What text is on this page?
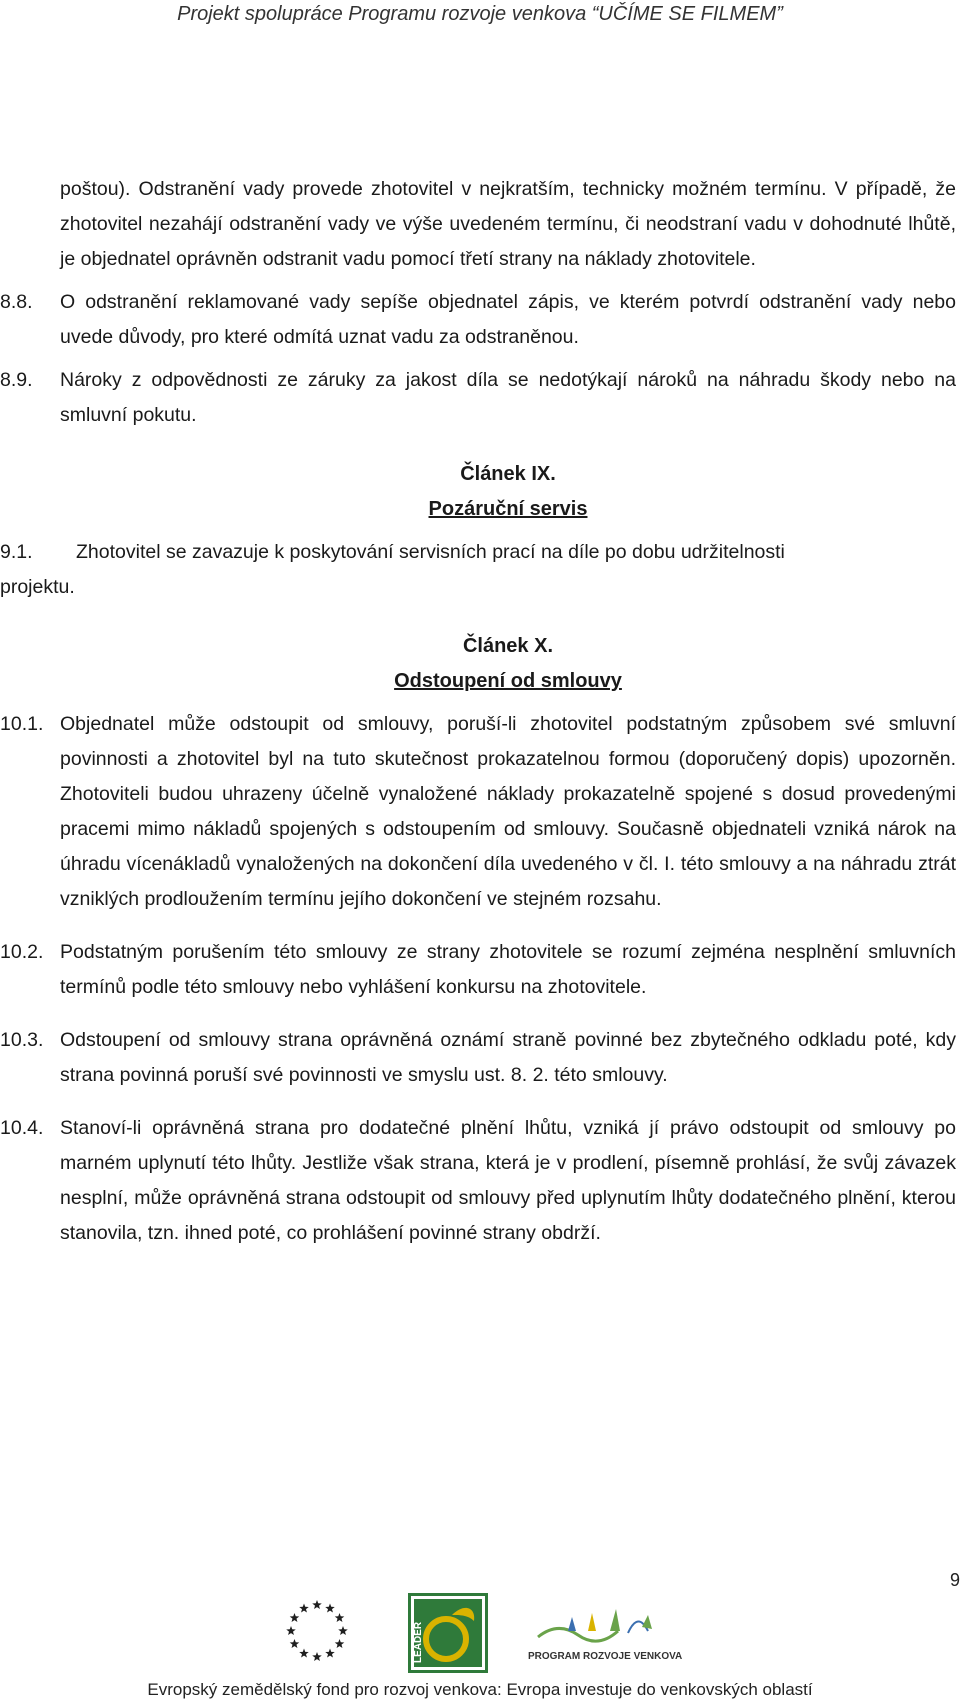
Projekt spolupráce Programu rozvoje venkova “UČÍME SE FILMEM”

poštou). Odstranění vady provede zhotovitel v nejkratším, technicky možném termínu. V případě, že zhotovitel nezahájí odstranění vady ve výše uvedeném termínu, či neodstraní vadu v dohodnuté lhůtě, je objednatel oprávněn odstranit vadu pomocí třetí strany na náklady zhotovitele.

8.8.	O odstranění reklamované vady sepíše objednatel zápis, ve kterém potvrdí odstranění vady nebo uvede důvody, pro které odmítá uznat vadu za odstraněnou.
8.9.	Nároky z odpovědnosti ze záruky za jakost díla se nedotýkají nároků na náhradu škody nebo na smluvní pokutu.
Článek IX.
Pozáruční servis
9.1.	Zhotovitel se zavazuje k poskytování servisních prací na díle po dobu udržitelnosti
projektu.
Článek X.
Odstoupení od smlouvy
10.1. Objednatel může odstoupit od smlouvy, poruší-li zhotovitel podstatným způsobem své smluvní povinnosti a zhotovitel byl na tuto skutečnost prokazatelnou formou (doporučený dopis) upozorněn. Zhotoviteli budou uhrazeny účelně vynaložené náklady prokazatelně spojené s dosud provedenými pracemi mimo nákladů spojených s odstoupením od smlouvy. Současně objednateli vzniká nárok na úhradu vícenákladů vynaložených na dokončení díla uvedeného v čl. I. této smlouvy a na náhradu ztrát vzniklých prodloužením termínu jejího dokončení ve stejném rozsahu.
10.2. Podstatným porušením této smlouvy ze strany zhotovitele se rozumí zejména nesplnění smluvních termínů podle této smlouvy nebo vyhlášení konkursu na zhotovitele.
10.3. Odstoupení od smlouvy strana oprávněná oznámí straně povinné bez zbytečného odkladu poté, kdy strana povinná poruší své povinnosti ve smyslu ust. 8. 2. této smlouvy.
10.4. Stanoví-li oprávněná strana pro dodatečné plnění lhůtu, vzniká jí právo odstoupit od smlouvy po marném uplynutí této lhůty. Jestliže však strana, která je v prodlení, písemně prohlásí, že svůj závazek nesplní, může oprávněná strana odstoupit od smlouvy před uplynutím lhůty dodatečného plnění, kterou stanovila, tzn. ihned poté, co prohlášení povinné strany obdrží.
9
LEADER	PROGRAM ROZVOJE VENKOVA
Evropský zemědělský fond pro rozvoj venkova: Evropa investuje do venkovských oblastí
